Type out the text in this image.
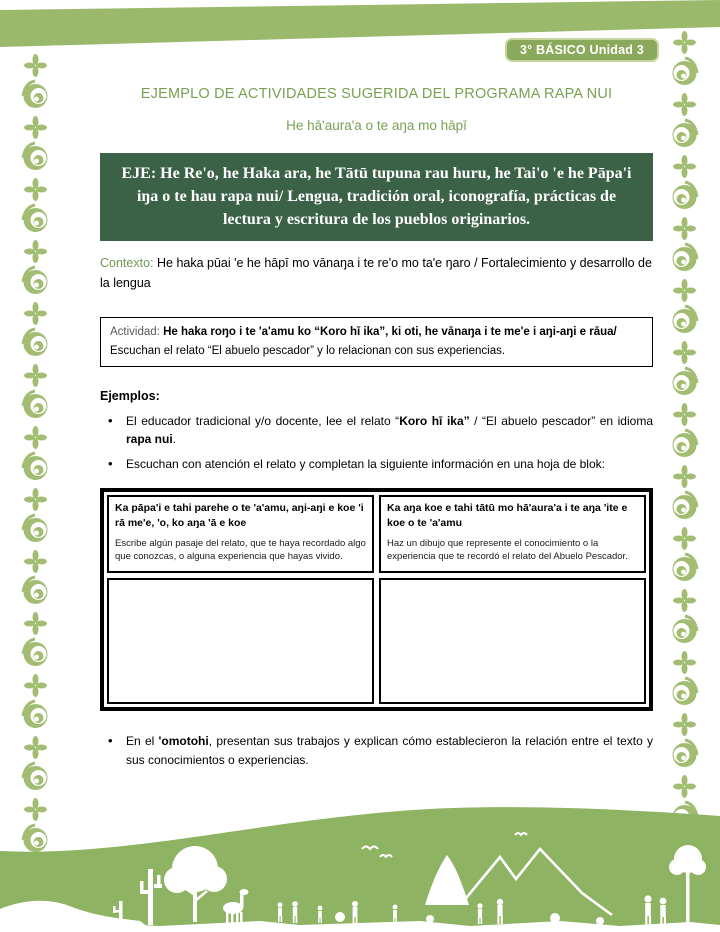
3° BÁSICO Unidad 3
EJEMPLO DE ACTIVIDADES SUGERIDA DEL PROGRAMA RAPA NUI
He hā'aura'a o te aŋa mo hāpī

EJE: He Re'o, he Haka ara, he Tātū tupuna rau huru, he Tai'o 'e he Pāpa'i iŋa o te hau rapa nui/ Lengua, tradición oral, iconografía, prácticas de lectura y escritura de los pueblos originarios.

Contexto: He haka pūai 'e he hāpī mo vānaŋa i te re'o mo ta'e ŋaro / Fortalecimiento y desarrollo de la lengua

Actividad: He haka roŋo i te 'a'amu ko “Koro hī ika”, ki oti, he vānaŋa i te me'e i aŋi-aŋi e rāua/ Escuchan el relato “El abuelo pescador” y lo relacionan con sus experiencias.

Ejemplos:

• El educador tradicional y/o docente, lee el relato “Koro hī ika” / “El abuelo pescador” en idioma rapa nui.
• Escuchan con atención el relato y completan la siguiente información en una hoja de blok:

Ka pāpa'i e tahi parehe o te 'a'amu, aŋi-aŋi e koe 'i rā me'e, 'o, ko aŋa 'ā e koe

Escribe algún pasaje del relato, que te haya recordado algo que conozcas, o alguna experiencia que hayas vivido.

Ka aŋa koe e tahi tātū mo hā'aura'a i te aŋa 'ite e koe o te 'a'amu

Haz un dibujo que represente el conocimiento o la experiencia que te recordó el relato del Abuelo Pescador.

• En el 'omotohi, presentan sus trabajos y explican cómo establecieron la relación entre el texto y sus conocimientos o experiencias.
